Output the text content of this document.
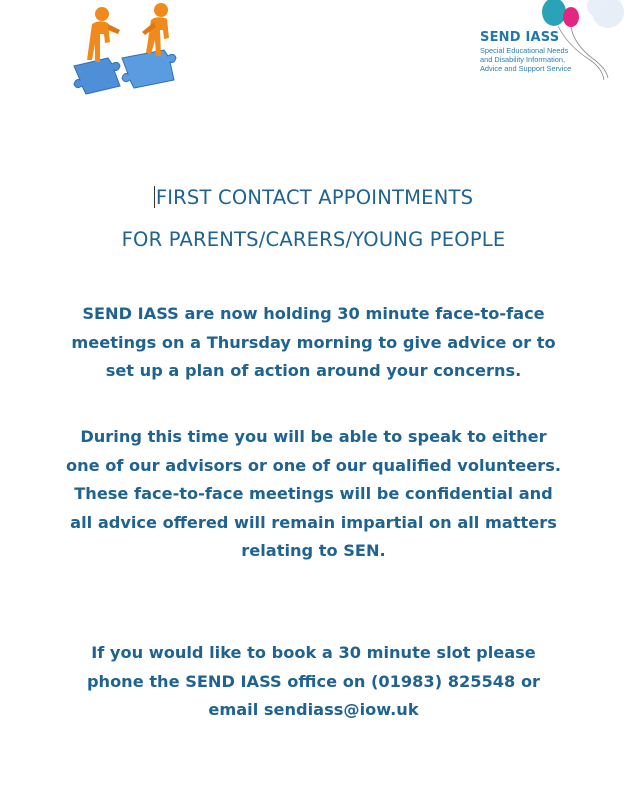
SEND IASS
Special Educational Needs
and Disability Information,
Advice and Support Service
FIRST CONTACT APPOINTMENTS
FOR PARENTS/CARERS/YOUNG PEOPLE
SEND IASS are now holding 30 minute face-to-face
meetings on a Thursday morning to give advice or to
set up a plan of action around your concerns.
During this time you will be able to speak to either
one of our advisors or one of our qualified volunteers.
These face-to-face meetings will be confidential and
all advice offered will remain impartial on all matters
relating to SEN.
If you would like to book a 30 minute slot please
phone the SEND IASS office on (01983) 825548 or
email sendiass@iow.uk
